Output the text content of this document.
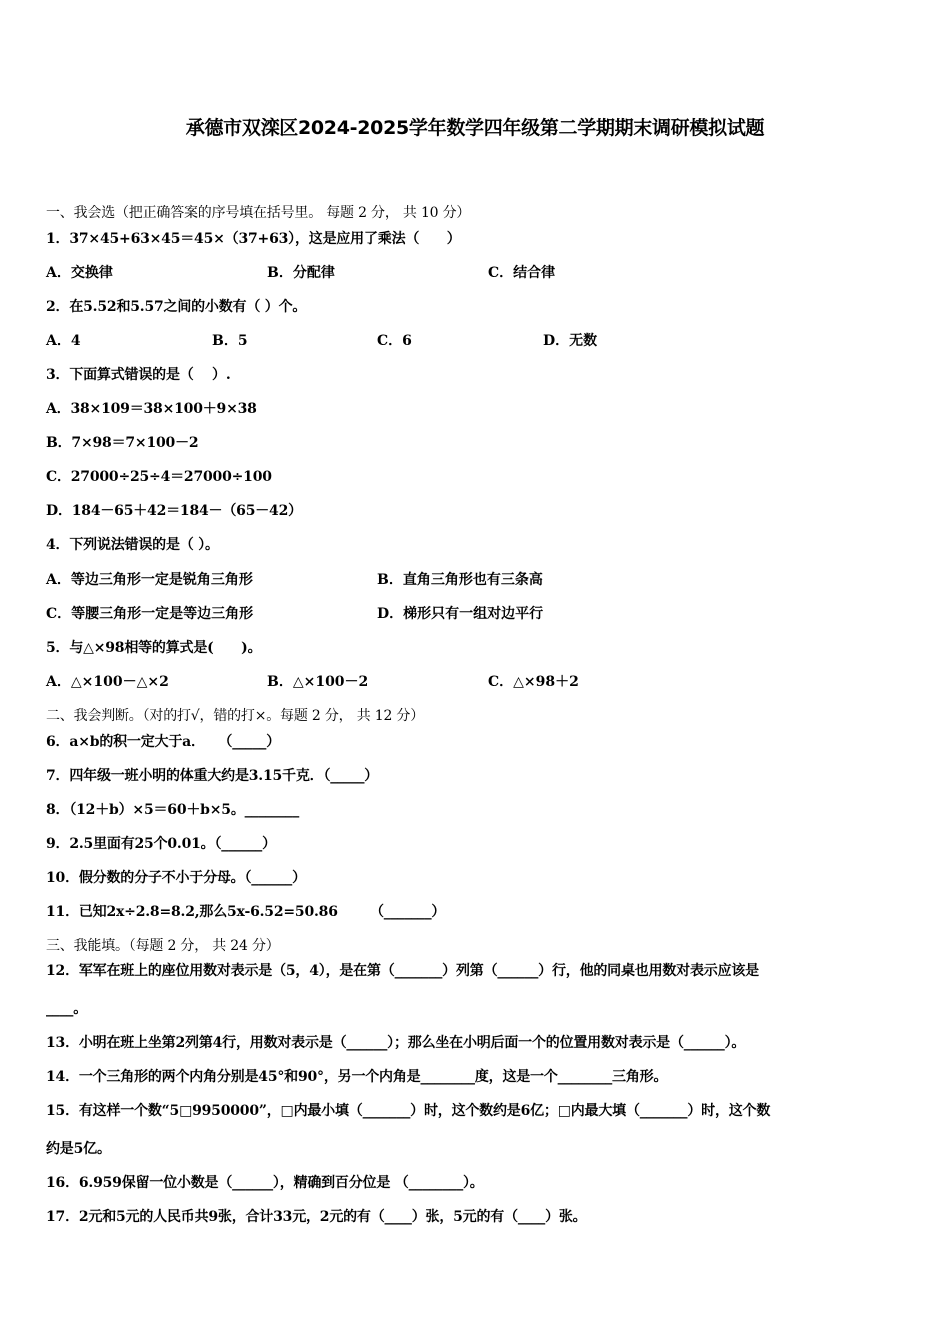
承德市双滦区2024-2025学年数学四年级第二学期期末调研模拟试题
一、我会选（把正确答案的序号填在括号里。 每题 2 分， 共 10 分）
1．37×45+63×45＝45×（37+63），这是应用了乘法（　　）
A．交换律	B．分配律	C．结合律
2．在5.52和5.57之间的小数有（ ）个。
A．4	B．5	C．6	D．无数
3．下面算式错误的是（　 ）.
A．38×109＝38×100＋9×38
B．7×98＝7×100－2
C．27000÷25÷4＝27000÷100
D．184－65＋42＝184－（65－42）
4．下列说法错误的是（ ）。
A．等边三角形一定是锐角三角形	B．直角三角形也有三条高
C．等腰三角形一定是等边三角形	D．梯形只有一组对边平行
5．与△×98相等的算式是(　　)。
A．△×100－△×2	B．△×100－2	C．△×98＋2
二、我会判断。（对的打√，错的打×。每题 2 分， 共 12 分）
6．a×b的积一定大于a．　　（_____）
7．四年级一班小明的体重大约是3.15千克．（_____）
8．（12＋b）×5＝60＋b×5。________
9．2.5里面有25个0.01。（______）
10．假分数的分子不小于分母。（______）
11．已知2x÷2.8=8.2,那么5x-6.52=50.86　　 （_______）
三、我能填。（每题 2 分， 共 24 分）
12．军军在班上的座位用数对表示是（5，4），是在第（_______）列第（______）行，他的同桌也用数对表示应该是
____。
13．小明在班上坐第2列第4行，用数对表示是（______）；那么坐在小明后面一个的位置用数对表示是（______）。
14．一个三角形的两个内角分别是45°和90°，另一个内角是________度，这是一个________三角形。
15．有这样一个数“5□9950000”，□内最小填（_______）时，这个数约是6亿；□内最大填（_______）时，这个数
约是5亿。
16．6.959保留一位小数是（______），精确到百分位是 （________）。
17．2元和5元的人民币共9张，合计33元，2元的有（____）张，5元的有（____）张。
